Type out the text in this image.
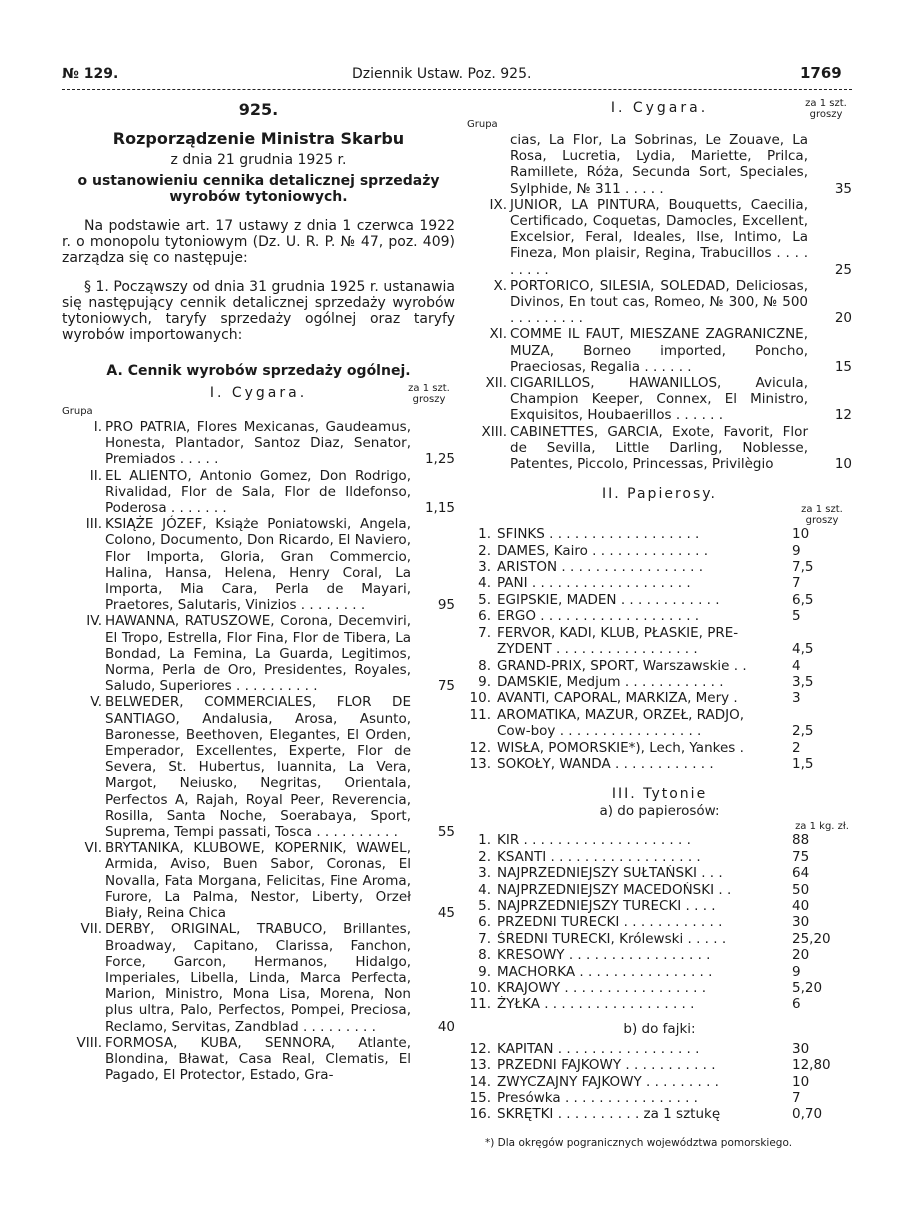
№ 129.	Dziennik Ustaw. Poz. 925.	1769
925.
Rozporządzenie Ministra Skarbu
z dnia 21 grudnia 1925 r.
o ustanowieniu cennika detalicznej sprzedaży wyrobów tytoniowych.
Na podstawie art. 17 ustawy z dnia 1 czerwca 1922 r. o monopolu tytoniowym (Dz. U. R. P. № 47, poz. 409) zarządza się co następuje:
§ 1. Począwszy od dnia 31 grudnia 1925 r. ustanawia się następujący cennik detalicznej sprzedaży wyrobów tytoniowych, taryfy sprzedaży ogólnej oraz taryfy wyrobów importowanych:
A. Cennik wyrobów sprzedaży ogólnej.
Grupa
I. Cygara.	za 1 szt. groszy
I. PRO PATRIA, Flores Mexicanas, Gaudeamus, Honesta, Plantador, Santoz Diaz, Senator, Premiados . . . . .	1,25
II. EL ALIENTO, Antonio Gomez, Don Rodrigo, Rivalidad, Flor de Sala, Flor de Ildefonso, Poderosa . . . . . . .	1,15
III. KSIĄŻE JÓZEF, Książe Poniatowski, Angela, Colono, Documento, Don Ricardo, El Naviero, Flor Importa, Gloria, Gran Commercio, Halina, Hansa, Helena, Henry Coral, La Importa, Mia Cara, Perla de Mayari, Praetores, Salutaris, Vinizios . . . . . . . .	95
IV. HAWANNA, RATUSZOWE, Corona, Decemviri, El Tropo, Estrella, Flor Fina, Flor de Tibera, La Bondad, La Femina, La Guarda, Legitimos, Norma, Perla de Oro, Presidentes, Royales, Saludo, Superiores . . . . . . . . . .	75
V. BELWEDER, COMMERCIALES, FLOR DE SANTIAGO, Andalusia, Arosa, Asunto, Baronesse, Beethoven, Elegantes, El Orden, Emperador, Excellentes, Experte, Flor de Severa, St. Hubertus, Iuannita, La Vera, Margot, Neiusko, Negritas, Orientala, Perfectos A, Rajah, Royal Peer, Reverencia, Rosilla, Santa Noche, Soerabaya, Sport, Suprema, Tempi passati, Tosca . . . . . . . . . .	55
VI. BRYTANIKA, KLUBOWE, KOPERNIK, WAWEL, Armida, Aviso, Buen Sabor, Coronas, El Novalla, Fata Morgana, Felicitas, Fine Aroma, Furore, La Palma, Nestor, Liberty, Orzeł Biały, Reina Chica	45
VII. DERBY, ORIGINAL, TRABUCO, Brillantes, Broadway, Capitano, Clarissa, Fanchon, Force, Garcon, Hermanos, Hidalgo, Imperiales, Libella, Linda, Marca Perfecta, Marion, Ministro, Mona Lisa, Morena, Non plus ultra, Palo, Perfectos, Pompei, Preciosa, Reclamo, Servitas, Zandblad . . . . . . . . .	40
VIII. FORMOSA, KUBA, SENNORA, Atlante, Blondina, Bławat, Casa Real, Clematis, El Pagado, El Protector, Estado, Gra-
Grupa
I. Cygara.	za 1 szt. groszy
cias, La Flor, La Sobrinas, Le Zouave, La Rosa, Lucretia, Lydia, Mariette, Prilca, Ramillete, Róża, Secunda Sort, Speciales, Sylphide, № 311 . . . . .	35
IX. JUNIOR, LA PINTURA, Bouquetts, Caecilia, Certificado, Coquetas, Damocles, Excellent, Excelsior, Feral, Ideales, Ilse, Intimo, La Fineza, Mon plaisir, Regina, Trabucillos . . . . . . . . .	25
X. PORTORICO, SILESIA, SOLEDAD, Deliciosas, Divinos, En tout cas, Romeo, № 300, № 500 . . . . . . . . .	20
XI. COMME IL FAUT, MIESZANE ZAGRANICZNE, MUZA, Borneo imported, Poncho, Praeciosas, Regalia . . . . . .	15
XII. CIGARILLOS, HAWANILLOS, Avicula, Champion Keeper, Connex, El Ministro, Exquisitos, Houbaerillos . . . . . .	12
XIII. CABINETTES, GARCIA, Exote, Favorit, Flor de Sevilla, Little Darling, Noblesse, Patentes, Piccolo, Princessas, Privilègio	10
II. Papierosy.
za 1 szt. groszy
1. SFINKS . . . . . . . . . . . . . . . . . .	10
2. DAMES, Kairo . . . . . . . . . . . . . .	9
3. ARISTON . . . . . . . . . . . . . . . . .	7,5
4. PANI . . . . . . . . . . . . . . . . . . .	7
5. EGIPSKIE, MADEN . . . . . . . . . . . .	6,5
6. ERGO . . . . . . . . . . . . . . . . . . .	5
7. FERVOR, KADI, KLUB, PŁASKIE, PRE-
ZYDENT . . . . . . . . . . . . . . . . .	4,5
8. GRAND-PRIX, SPORT, Warszawskie . .	4
9. DAMSKIE, Medjum . . . . . . . . . . . .	3,5
10. AVANTI, CAPORAL, MARKIZA, Mery .	3
11. AROMATIKA, MAZUR, ORZEŁ, RADJO,
Cow-boy . . . . . . . . . . . . . . . . .	2,5
12. WISŁA, POMORSKIE*), Lech, Yankes .	2
13. SOKOŁY, WANDA . . . . . . . . . . . .	1,5
III. Tytonie
a) do papierosów:
za 1 kg. zł.
1. KIR . . . . . . . . . . . . . . . . . . . .	88
2. KSANTI . . . . . . . . . . . . . . . . . .	75
3. NAJPRZEDNIEJSZY SUŁTAŃSKI . . .	64
4. NAJPRZEDNIEJSZY MACEDOŃSKI . .	50
5. NAJPRZEDNIEJSZY TURECKI . . . .	40
6. PRZEDNI TURECKI . . . . . . . . . . . .	30
7. ŚREDNI TURECKI, Królewski . . . . .	25,20
8. KRESOWY . . . . . . . . . . . . . . . . .	20
9. MACHORKA . . . . . . . . . . . . . . . .	9
10. KRAJOWY . . . . . . . . . . . . . . . . .	5,20
11. ŻYŁKA . . . . . . . . . . . . . . . . . .	6
b) do fajki:
12. KAPITAN . . . . . . . . . . . . . . . . .	30
13. PRZEDNI FAJKOWY . . . . . . . . . . .	12,80
14. ZWYCZAJNY FAJKOWY . . . . . . . . .	10
15. Presówka . . . . . . . . . . . . . . . .	7
16. SKRĘTKI . . . . . . . . . . za 1 sztukę	0,70
*) Dla okręgów pogranicznych województwa pomorskiego.
